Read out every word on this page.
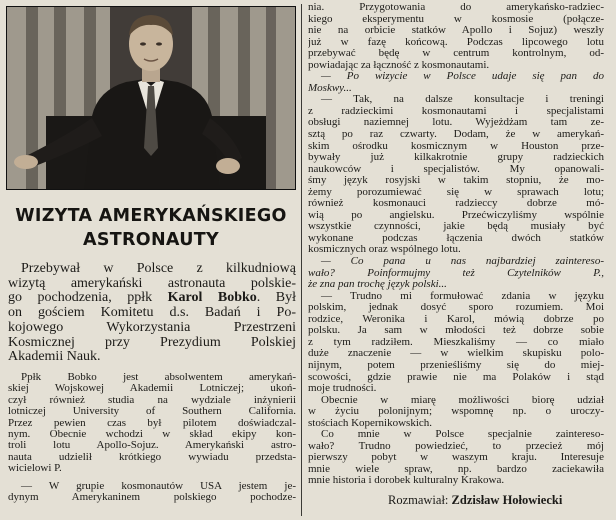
WIZYTA AMERYKAŃSKIEGO
ASTRONAUTY
Przebywał w Polsce z kilkudniową
wizytą amerykański astronauta polskie-
go pochodzenia, ppłk Karol Bobko. Był
on gościem Komitetu d.s. Badań i Po-
kojowego Wykorzystania Przestrzeni
Kosmicznej przy Prezydium Polskiej
Akademii Nauk.
Ppłk Bobko jest absolwentem amerykań-
skiej Wojskowej Akademii Lotniczej; ukoń-
czył również studia na wydziale inżynierii
lotniczej University of Southern California.
Przez pewien czas był pilotem doświadczal-
nym. Obecnie wchodzi w skład ekipy kon-
troli lotu Apollo-Sojuz. Amerykański astro-
nauta udzielił krótkiego wywiadu przedsta-
wicielowi P.
— W grupie kosmonautów USA jestem je-
dynym Amerykaninem polskiego pochodze-
nia. Przygotowania do amerykańsko-radziec-
kiego eksperymentu w kosmosie (połącze-
nie na orbicie statków Apollo i Sojuz) weszły
już w fazę końcową. Podczas lipcowego lotu
przebywać będę w centrum kontrolnym, od-
powiadając za łączność z kosmonautami.
— Po wizycie w Polsce udaje się pan do
Moskwy...
— Tak, na dalsze konsultacje i treningi
z radzieckimi kosmonautami i specjalistami
obsługi naziemnej lotu. Wyjeżdżam tam ze-
sztą po raz czwarty. Dodam, że w amerykań-
skim ośrodku kosmicznym w Houston prze-
bywały już kilkakrotnie grupy radzieckich
naukowców i specjalistów. My opanowali-
śmy język rosyjski w takim stopniu, że mo-
żemy porozumiewać się w sprawach lotu;
również kosmonauci radzieccy dobrze mó-
wią po angielsku. Przećwiczyliśmy wspólnie
wszystkie czynności, jakie będą musiały być
wykonane podczas łączenia dwóch statków
kosmicznych oraz wspólnego lotu.
— Co pana u nas najbardziej zaintereso-
wało? Poinformujmy też Czytelników P.,
że zna pan trochę język polski...
— Trudno mi formułować zdania w języku
polskim, jednak dosyć sporo rozumiem. Moi
rodzice, Weronika i Karol, mówią dobrze po
polsku. Ja sam w młodości też dobrze sobie
z tym radziłem. Mieszkaliśmy — co miało
duże znaczenie — w wielkim skupisku polo-
nijnym, potem przenieśliśmy się do miej-
scowości, gdzie prawie nie ma Polaków i stąd
moje trudności.
Obecnie w miarę możliwości biorę udział
w życiu polonijnym; wspomnę np. o uroczy-
stościach Kopernikowskich.
Co mnie w Polsce specjalnie zaintereso-
wało? Trudno powiedzieć, to przecież mój
pierwszy pobyt w waszym kraju. Interesuje
mnie wiele spraw, np. bardzo zaciekawiła
mnie historia i dorobek kulturalny Krakowa.
Rozmawiał: Zdzisław Hołowiecki
